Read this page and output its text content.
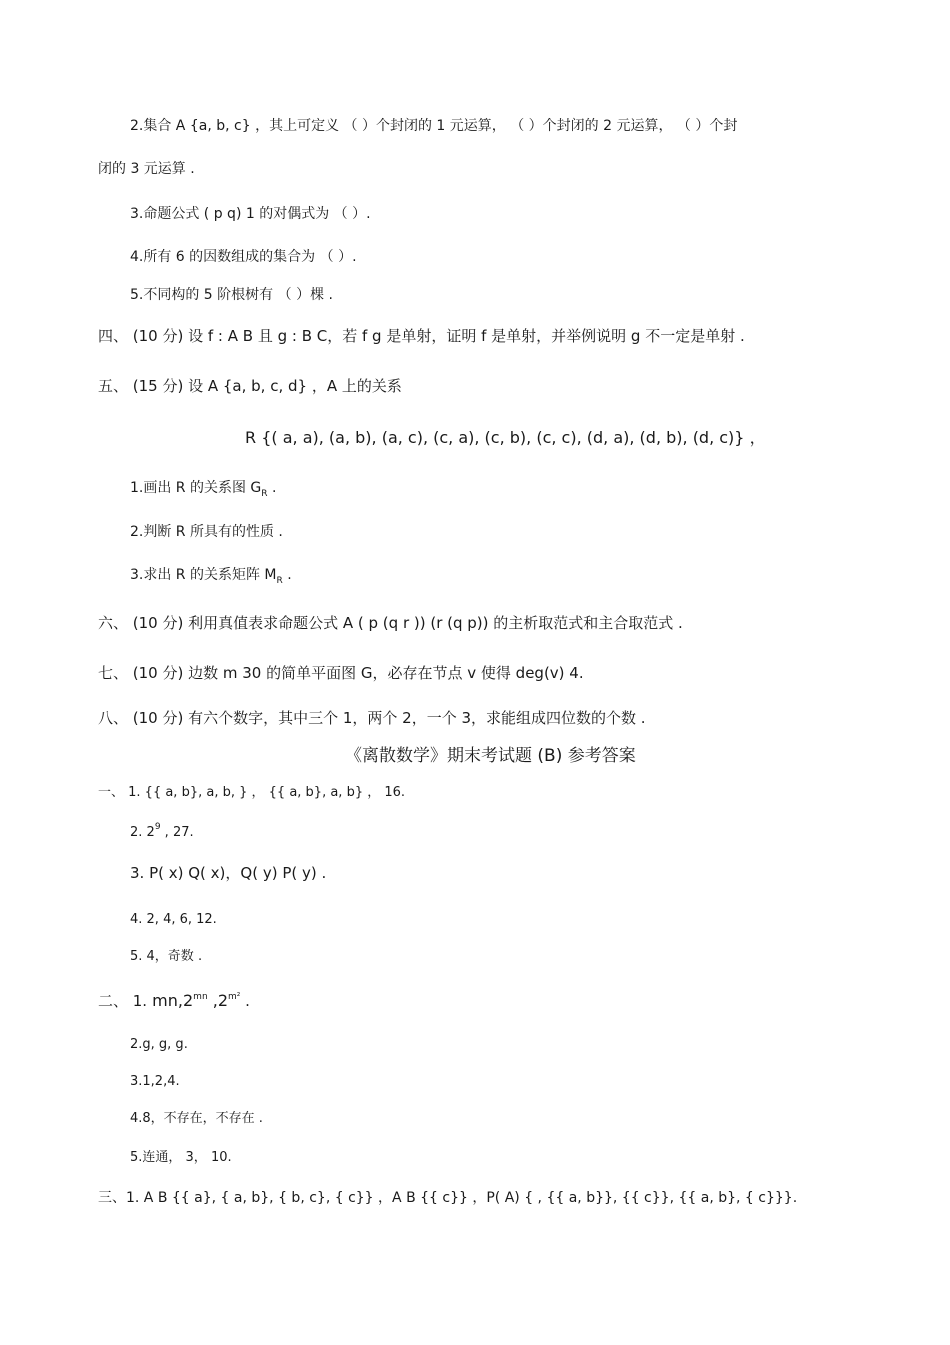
2.集合 A {a, b, c} ，其上可定义 （ ）个封闭的 1 元运算， （ ）个封闭的 2 元运算， （ ）个封
闭的 3 元运算 .
3.命题公式 ( p q) 1 的对偶式为 （ ）.
4.所有 6 的因数组成的集合为 （ ）.
5.不同构的 5 阶根树有 （ ）棵 .
四、 (10 分) 设 f : A B 且 g : B C，若 f g 是单射，证明 f 是单射，并举例说明 g 不一定是单射 .
五、 (15 分) 设 A {a, b, c, d} ，A 上的关系
R {( a, a), (a, b), (a, c), (c, a), (c, b), (c, c), (d, a), (d, b), (d, c)} ，
1.画出 R 的关系图 $G_R$ .
2.判断 R 所具有的性质 .
3.求出 R 的关系矩阵 $M_R$ .
六、 (10 分) 利用真值表求命题公式 A ( p (q r )) (r (q p)) 的主析取范式和主合取范式 .
七、 (10 分) 边数 m 30 的简单平面图 G，必存在节点 v 使得 deg(v) 4.
八、 (10 分) 有六个数字，其中三个 1，两个 2，一个 3，求能组成四位数的个数 .
《离散数学》期末考试题 (B) 参考答案
一、 1. {{ a, b}, a, b, } ， {{ a, b}, a, b} ， 16.
2. $2^9$ , 27.
3. P( x) Q( x)，Q( y) P( y) .
4. 2, 4, 6, 12.
5. 4，奇数 .
二、 1. $mn,2^{mn}$ $,2^{m^2}$ .
2.g, g, g.
3.1,2,4.
4.8，不存在，不存在 .
5.连通， 3， 10.
三、1. A B {{ a}, { a, b}, { b, c}, { c}} ，A B {{ c}} ，P( A) { , {{ a, b}}, {{ c}}, {{ a, b}, { c}}}.
